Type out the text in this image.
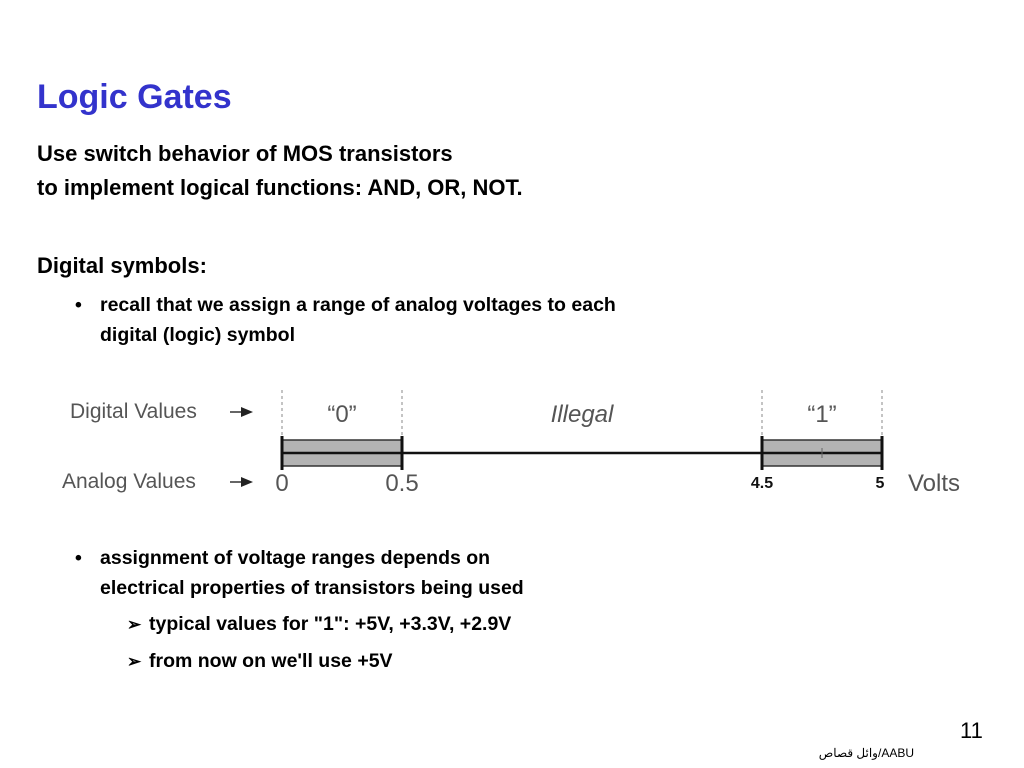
Logic Gates
Use switch behavior of MOS transistors
to implement logical functions: AND, OR, NOT.
Digital symbols:
• recall that we assign a range of analog voltages to each
digital (logic) symbol
Digital Values
Analog Values
“0”	Illegal	“1”
0	0.5	4.5	5 Volts
• assignment of voltage ranges depends on
electrical properties of transistors being used
➢ typical values for "1": +5V, +3.3V, +2.9V
➢ from now on we'll use +5V
11
وائل قصاص/AABU
